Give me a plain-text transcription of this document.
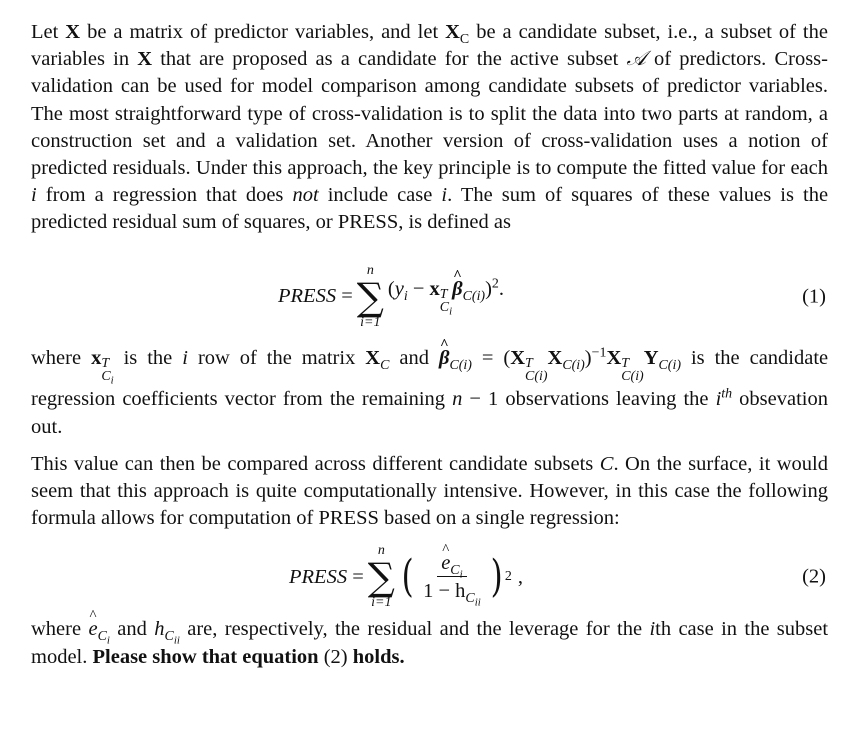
Let X be a matrix of predictor variables, and let $X_C$ be a candidate subset, i.e., a subset of the variables in X that are proposed as a candidate for the active subset 𝒜 of predictors. Cross-validation can be used for model comparison among candidate subsets of predictor variables. The most straightforward type of cross-validation is to split the data into two parts at random, a construction set and a validation set. Another version of cross-validation uses a notion of predicted residuals. Under this approach, the key principle is to compute the fitted value for each i from a regression that does not include case i. The sum of squares of these values is the predicted residual sum of squares, or PRESS, is defined as

PRESS
=
n
∑
i=1
($y_i - x$ T
$C_i$
β $\^{}_{C(i)})^2$.	(1)

where x T
$C_i$
is the i row of the matrix $X_C$ and β $\^{}_{C(i)} = (X$ T
C(i)
$X_{C(i)})^{-1}X$ T
C(i)
$Y_{C(i)}$ is the candidate regression coefficients vector from the remaining n − 1 observations leaving the $i^{th}$ obsevation out.

This value can then be compared across different candidate subsets C. On the surface, it would seem that this approach is quite computationally intensive. However, in this case the following formula allows for computation of PRESS based on a single regression:

PRESS
=
n
∑
i=1
( $\frac{e \^{}_{C_i}}{1 - h_{C_{ii}}}$ ) 2 ,	(2)

where e $\^{}_{C_i}$ and $h_{C_{ii}}$ are, respectively, the residual and the leverage for the ith case in the subset model. Please show that equation (2) holds.
